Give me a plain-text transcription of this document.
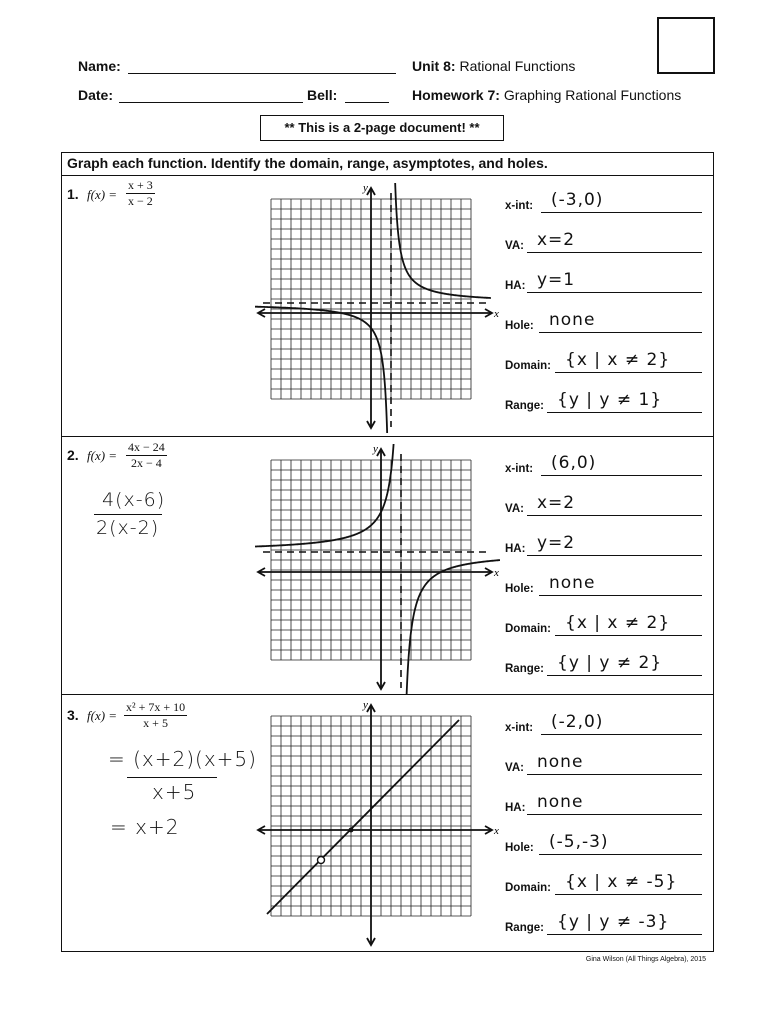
Name:
Date:	Bell:
Unit 8: Rational Functions
Homework 7: Graphing Rational Functions
** This is a 2-page document! **
Graph each function. Identify the domain, range, asymptotes, and holes.
1. $f(x) = \frac{x + 3}{x - 2}$
x
y
2. $f(x) = \frac{4x - 24}{2x - 4}$
4(x-6)
2(x-2)
x
y
3. $f(x) = \frac{\text{x² + 7x + 10}}{x + 5}$
= (x+2)(x+5)
x+5
= x+2	x
y
x-int: (-3,0)
VA: x=2
HA: y=1
Hole: none
Domain: {x | x ≠ 2}
Range: {y | y ≠ 1}
x-int: (6,0)
VA: x=2
HA: y=2
Hole: none
Domain: {x | x ≠ 2}
Range: {y | y ≠ 2}
x-int: (-2,0)
VA: none
HA: none
Hole: (-5,-3)
Domain: {x | x ≠ -5}
Range: {y | y ≠ -3}
Gina Wilson (All Things Algebra), 2015
